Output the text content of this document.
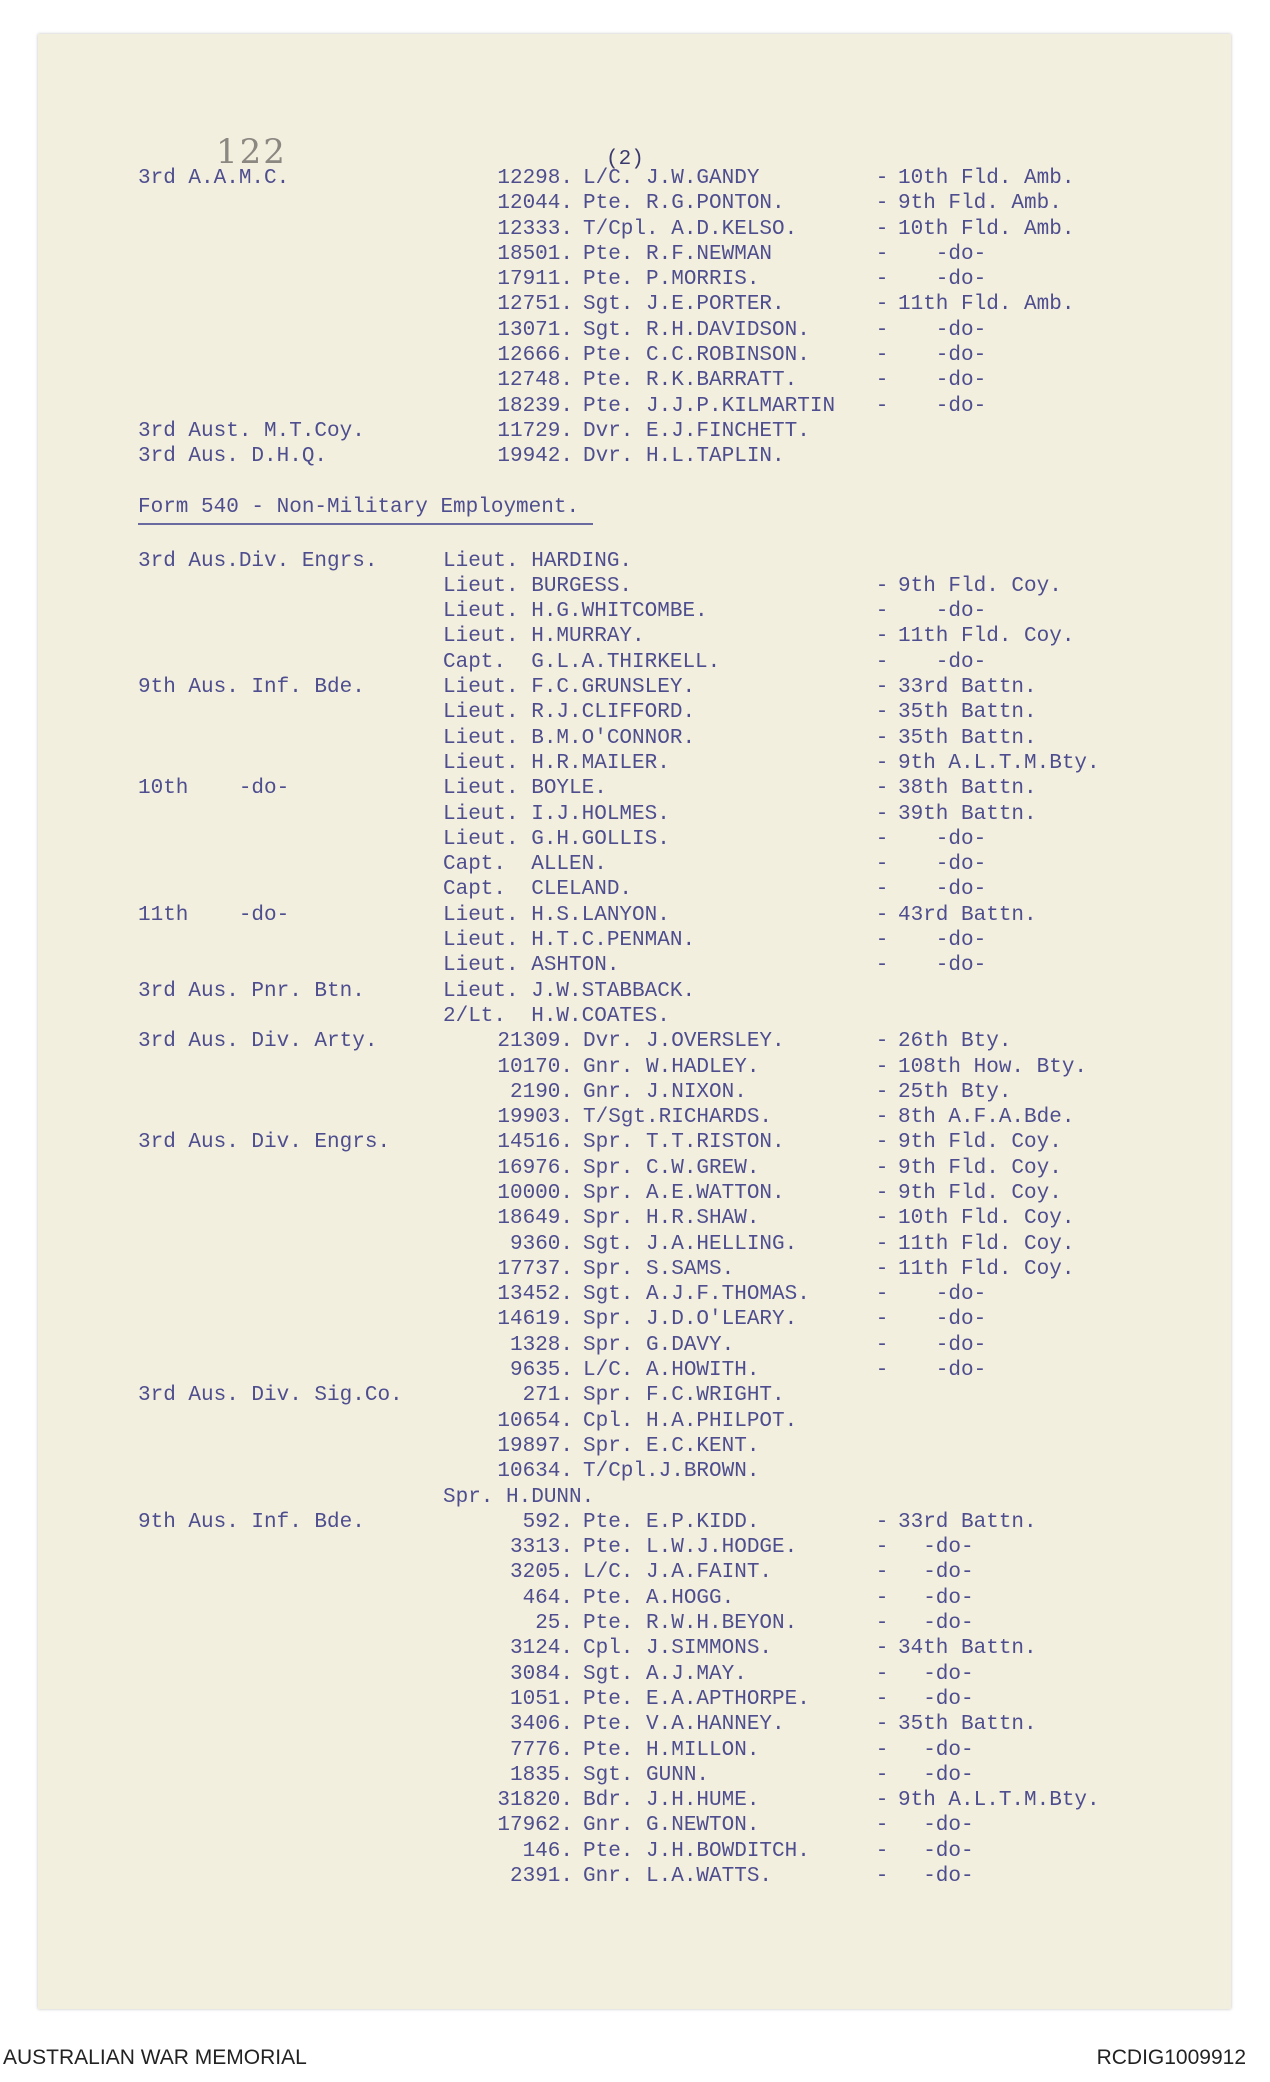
122	(2)
3rd A.A.M.C.	12298. L/C. J.W.GANDY	- 10th Fld. Amb.
12044. Pte. R.G.PONTON.	- 9th Fld. Amb.
12333. T/Cpl. A.D.KELSO.	- 10th Fld. Amb.
18501. Pte. R.F.NEWMAN	- -do-
17911. Pte. P.MORRIS.	- -do-
12751. Sgt. J.E.PORTER.	- 11th Fld. Amb.
13071. Sgt. R.H.DAVIDSON.	- -do-
12666. Pte. C.C.ROBINSON.	- -do-
12748. Pte. R.K.BARRATT.	- -do-
18239. Pte. J.J.P.KILMARTIN - -do-
3rd Aust. M.T.Coy.	11729. Dvr. E.J.FINCHETT.
3rd Aus. D.H.Q.	19942. Dvr. H.L.TAPLIN.
Form 540 - Non-Military Employment.
3rd Aus.Div. Engrs.	Lieut. HARDING.
Lieut. BURGESS.	- 9th Fld. Coy.
Lieut. H.G.WHITCOMBE.	- -do-
Lieut. H.MURRAY.	- 11th Fld. Coy.
Capt.  G.L.A.THIRKELL.	- -do-
9th Aus. Inf. Bde.	Lieut. F.C.GRUNSLEY.	- 33rd Battn.
Lieut. R.J.CLIFFORD.	- 35th Battn.
Lieut. B.M.O'CONNOR.	- 35th Battn.
Lieut. H.R.MAILER.	- 9th A.L.T.M.Bty.
10th    -do-	Lieut. BOYLE.	- 38th Battn.
Lieut. I.J.HOLMES.	- 39th Battn.
Lieut. G.H.GOLLIS.	- -do-
Capt.  ALLEN.	- -do-
Capt.  CLELAND.	- -do-
11th    -do-	Lieut. H.S.LANYON.	- 43rd Battn.
Lieut. H.T.C.PENMAN.	- -do-
Lieut. ASHTON.	- -do-
3rd Aus. Pnr. Btn.	Lieut. J.W.STABBACK.
2/Lt.  H.W.COATES.
3rd Aus. Div. Arty.	21309. Dvr. J.OVERSLEY.	- 26th Bty.
10170. Gnr. W.HADLEY.	- 108th How. Bty.
2190. Gnr. J.NIXON.	- 25th Bty.
19903. T/Sgt.RICHARDS.	- 8th A.F.A.Bde.
3rd Aus. Div. Engrs.	14516. Spr. T.T.RISTON.	- 9th Fld. Coy.
16976. Spr. C.W.GREW.	- 9th Fld. Coy.
10000. Spr. A.E.WATTON.	- 9th Fld. Coy.
18649. Spr. H.R.SHAW.	- 10th Fld. Coy.
9360. Sgt. J.A.HELLING.	- 11th Fld. Coy.
17737. Spr. S.SAMS.	- 11th Fld. Coy.
13452. Sgt. A.J.F.THOMAS.	- -do-
14619. Spr. J.D.O'LEARY.	- -do-
1328. Spr. G.DAVY.	- -do-
9635. L/C. A.HOWITH.	- -do-
3rd Aus. Div. Sig.Co.	271. Spr. F.C.WRIGHT.
10654. Cpl. H.A.PHILPOT.
19897. Spr. E.C.KENT.
10634. T/Cpl.J.BROWN.
Spr. H.DUNN.
9th Aus. Inf. Bde.	592. Pte. E.P.KIDD.	- 33rd Battn.
3313. Pte. L.W.J.HODGE.	- -do-
3205. L/C. J.A.FAINT.	- -do-
464. Pte. A.HOGG.	- -do-
25. Pte. R.W.H.BEYON.	- -do-
3124. Cpl. J.SIMMONS.	- 34th Battn.
3084. Sgt. A.J.MAY.	- -do-
1051. Pte. E.A.APTHORPE.	- -do-
3406. Pte. V.A.HANNEY.	- 35th Battn.
7776. Pte. H.MILLON.	- -do-
1835. Sgt. GUNN.	- -do-
31820. Bdr. J.H.HUME.	- 9th A.L.T.M.Bty.
17962. Gnr. G.NEWTON.	- -do-
146. Pte. J.H.BOWDITCH.	- -do-
2391. Gnr. L.A.WATTS.	- -do-
AUSTRALIAN WAR MEMORIAL	RCDIG1009912
